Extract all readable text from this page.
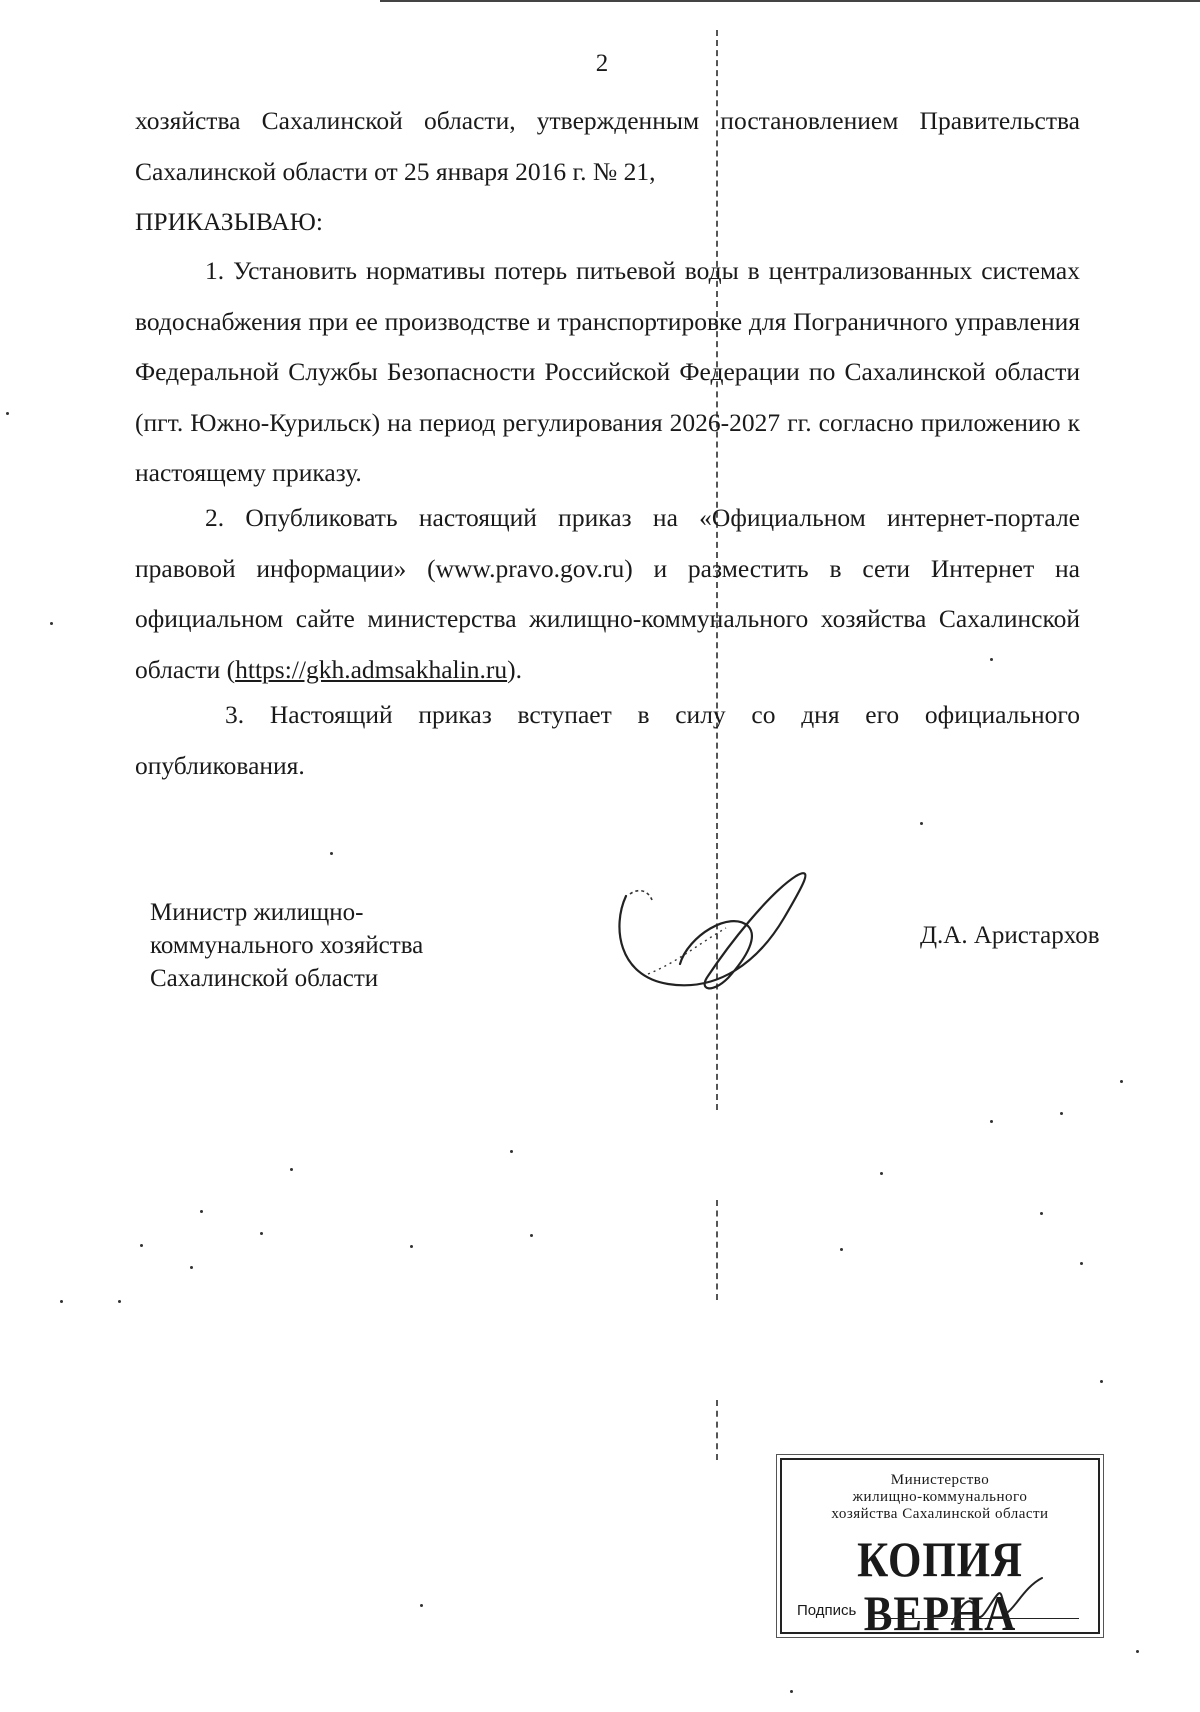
2

хозяйства Сахалинской области, утвержденным постановлением Правительства Сахалинской области от 25 января 2016 г. № 21,

ПРИКАЗЫВАЮ:

1. Установить нормативы потерь питьевой воды в централизованных системах водоснабжения при ее производстве и транспортировке для Пограничного управления Федеральной Службы Безопасности Российской Федерации по Сахалинской области (пгт. Южно-Курильск) на период регулирования 2026-2027 гг. согласно приложению к настоящему приказу.

2. Опубликовать настоящий приказ на «Официальном интернет-портале правовой информации» (www.pravo.gov.ru) и разместить в сети Интернет на официальном сайте министерства жилищно-коммунального хозяйства Сахалинской области (https://gkh.admsakhalin.ru).

3. Настоящий приказ вступает в силу со дня его официального опубликования.

Министр жилищно-
коммунального хозяйства
Сахалинской области
Д.А. Аристархов
Министерство
жилищно-коммунального
хозяйства Сахалинской области
КОПИЯ ВЕРНА
Подпись
